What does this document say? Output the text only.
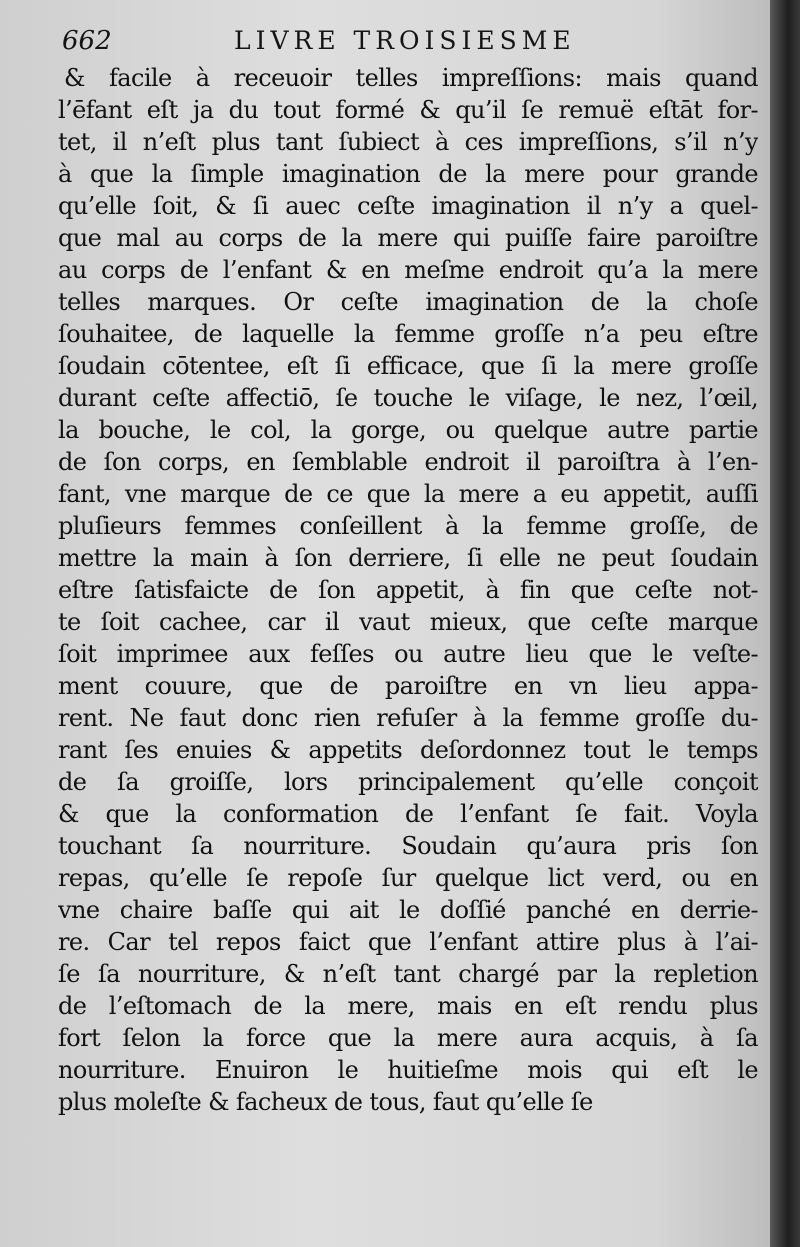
662	LIVRE TROISIESME
& facile à receuoir telles impreſſions: mais quand
l’ēfant eſt ja du tout formé & qu’il ſe remuë eſtāt for-
tet, il n’eſt plus tant ſubiect à ces impreſſions, s’il n’y
à que la ſimple imagination de la mere pour grande
qu’elle ſoit, & ſi auec ceſte imagination il n’y a quel-
que mal au corps de la mere qui puiſſe faire paroiſtre
au corps de l’enfant & en meſme endroit qu’a la mere
telles marques. Or ceſte imagination de la choſe
ſouhaitee, de laquelle la femme groſſe n’a peu eſtre
ſoudain cōtentee, eſt ſi efficace, que ſi la mere groſſe
durant ceſte affectiō, ſe touche le viſage, le nez, l’œil,
la bouche, le col, la gorge, ou quelque autre partie
de ſon corps, en ſemblable endroit il paroiſtra à l’en-
fant, vne marque de ce que la mere a eu appetit, auſſi
pluſieurs femmes conſeillent à la femme groſſe, de
mettre la main à ſon derriere, ſi elle ne peut ſoudain
eſtre ſatisfaicte de ſon appetit, à fin que ceſte not-
te ſoit cachee, car il vaut mieux, que ceſte marque
ſoit imprimee aux feſſes ou autre lieu que le veſte-
ment couure, que de paroiſtre en vn lieu appa-
rent. Ne faut donc rien refuſer à la femme groſſe du-
rant ſes enuies & appetits deſordonnez tout le temps
de ſa groiſſe, lors principalement qu’elle conçoit
& que la conformation de l’enfant ſe fait. Voyla
touchant ſa nourriture. Soudain qu’aura pris ſon
repas, qu’elle ſe repoſe ſur quelque lict verd, ou en
vne chaire baſſe qui ait le doſſié panché en derrie-
re. Car tel repos faict que l’enfant attire plus à l’ai-
ſe ſa nourriture, & n’eſt tant chargé par la repletion
de l’eſtomach de la mere, mais en eſt rendu plus
fort ſelon la force que la mere aura acquis, à ſa
nourriture. Enuiron le huitieſme mois qui eſt le
plus moleſte & facheux de tous, faut qu’elle ſe
